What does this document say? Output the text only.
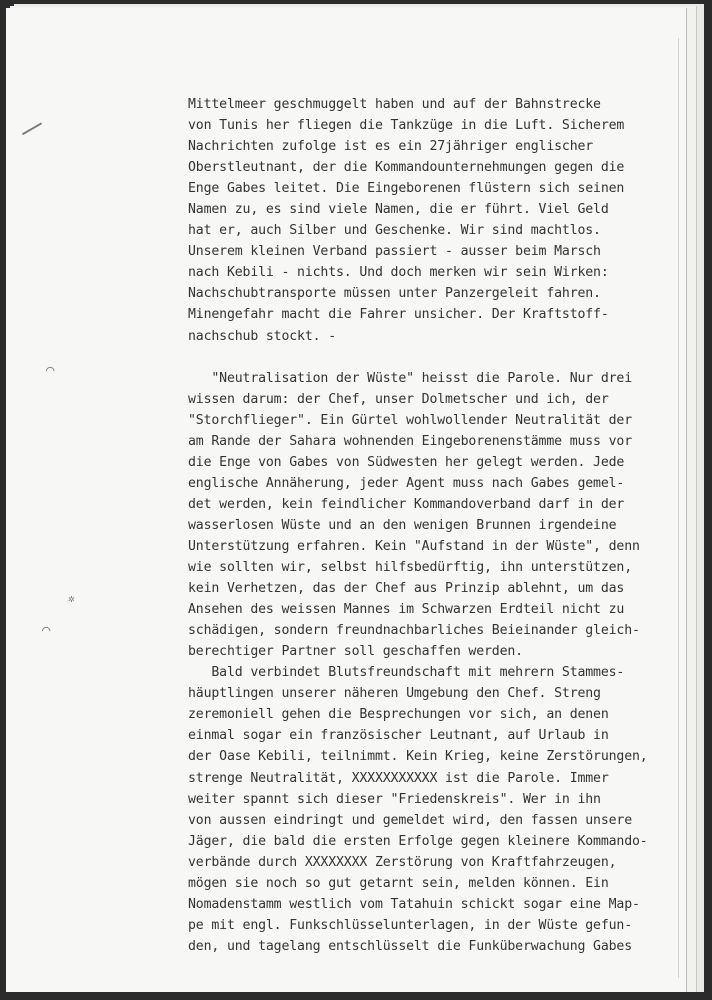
|
⌒
✲
⌒
Mittelmeer geschmuggelt haben und auf der Bahnstrecke
von Tunis her fliegen die Tankzüge in die Luft. Sicherem
Nachrichten zufolge ist es ein 27jähriger englischer
Oberstleutnant, der die Kommandounternehmungen gegen die
Enge Gabes leitet. Die Eingeborenen flüstern sich seinen
Namen zu, es sind viele Namen, die er führt. Viel Geld
hat er, auch Silber und Geschenke. Wir sind machtlos.
Unserem kleinen Verband passiert - ausser beim Marsch
nach Kebili - nichts. Und doch merken wir sein Wirken:
Nachschubtransporte müssen unter Panzergeleit fahren.
Minengefahr macht die Fahrer unsicher. Der Kraftstoff-
nachschub stockt. -
"Neutralisation der Wüste" heisst die Parole. Nur drei
wissen darum: der Chef, unser Dolmetscher und ich, der
"Storchflieger". Ein Gürtel wohlwollender Neutralität der
am Rande der Sahara wohnenden Eingeborenenstämme muss vor
die Enge von Gabes von Südwesten her gelegt werden. Jede
englische Annäherung, jeder Agent muss nach Gabes gemel-
det werden, kein feindlicher Kommandoverband darf in der
wasserlosen Wüste und an den wenigen Brunnen irgendeine
Unterstützung erfahren. Kein "Aufstand in der Wüste", denn
wie sollten wir, selbst hilfsbedürftig, ihn unterstützen,
kein Verhetzen, das der Chef aus Prinzip ablehnt, um das
Ansehen des weissen Mannes im Schwarzen Erdteil nicht zu
schädigen, sondern freundnachbarliches Beieinander gleich-
berechtiger Partner soll geschaffen werden.
Bald verbindet Blutsfreundschaft mit mehrern Stammes-
häuptlingen unserer näheren Umgebung den Chef. Streng
zeremoniell gehen die Besprechungen vor sich, an denen
einmal sogar ein französischer Leutnant, auf Urlaub in
der Oase Kebili, teilnimmt. Kein Krieg, keine Zerstörungen,
strenge Neutralität, XXXXXXXXXXX ist die Parole. Immer
weiter spannt sich dieser "Friedenskreis". Wer in ihn
von aussen eindringt und gemeldet wird, den fassen unsere
Jäger, die bald die ersten Erfolge gegen kleinere Kommando-
verbände durch XXXXXXXX Zerstörung von Kraftfahrzeugen,
mögen sie noch so gut getarnt sein, melden können. Ein
Nomadenstamm westlich vom Tatahuin schickt sogar eine Map-
pe mit engl. Funkschlüsselunterlagen, in der Wüste gefun-
den, und tagelang entschlüsselt die Funküberwachung Gabes
